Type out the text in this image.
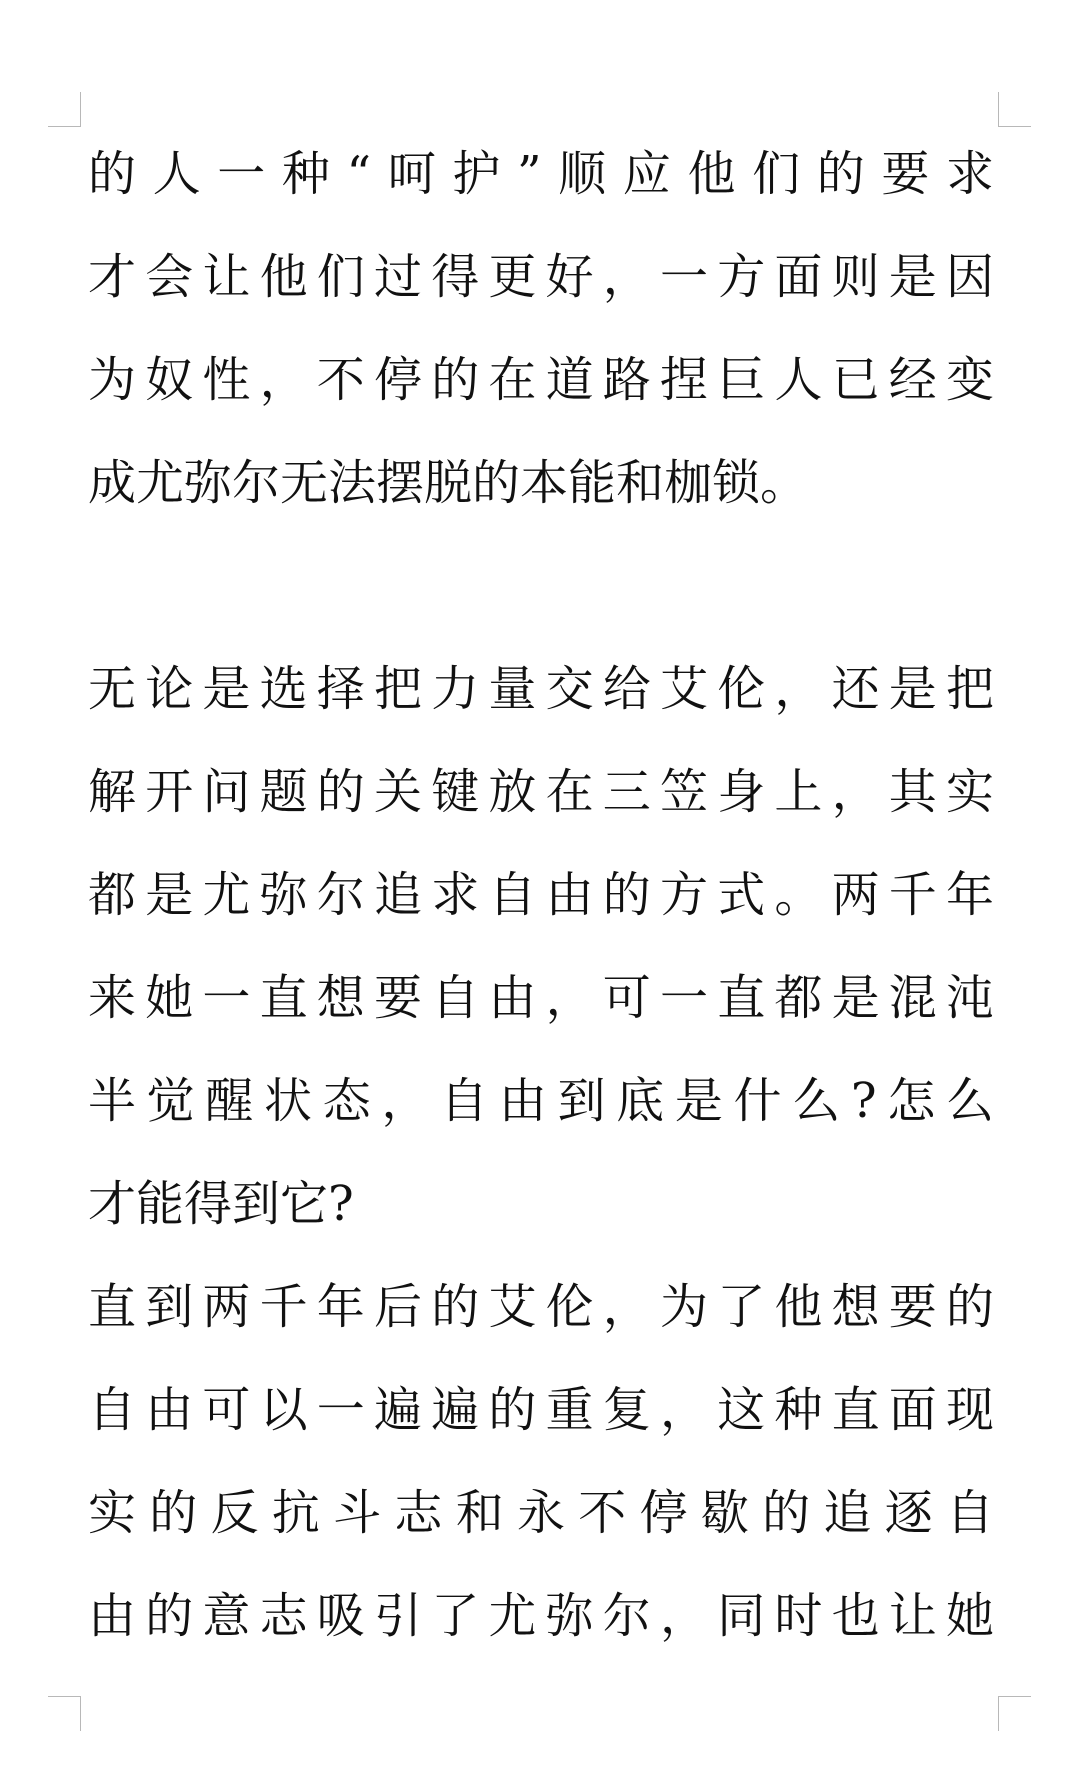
的人一种“呵护”顺应他们的要求
才会让他们过得更好，一方面则是因
为奴性，不停的在道路捏巨人已经变
成尤弥尔无法摆脱的本能和枷锁。
无论是选择把力量交给艾伦，还是把
解开问题的关键放在三笠身上，其实
都是尤弥尔追求自由的方式。两千年
来她一直想要自由，可一直都是混沌
半觉醒状态，自由到底是什么?怎么
才能得到它?
直到两千年后的艾伦，为了他想要的
自由可以一遍遍的重复，这种直面现
实的反抗斗志和永不停歇的追逐自
由的意志吸引了尤弥尔，同时也让她
